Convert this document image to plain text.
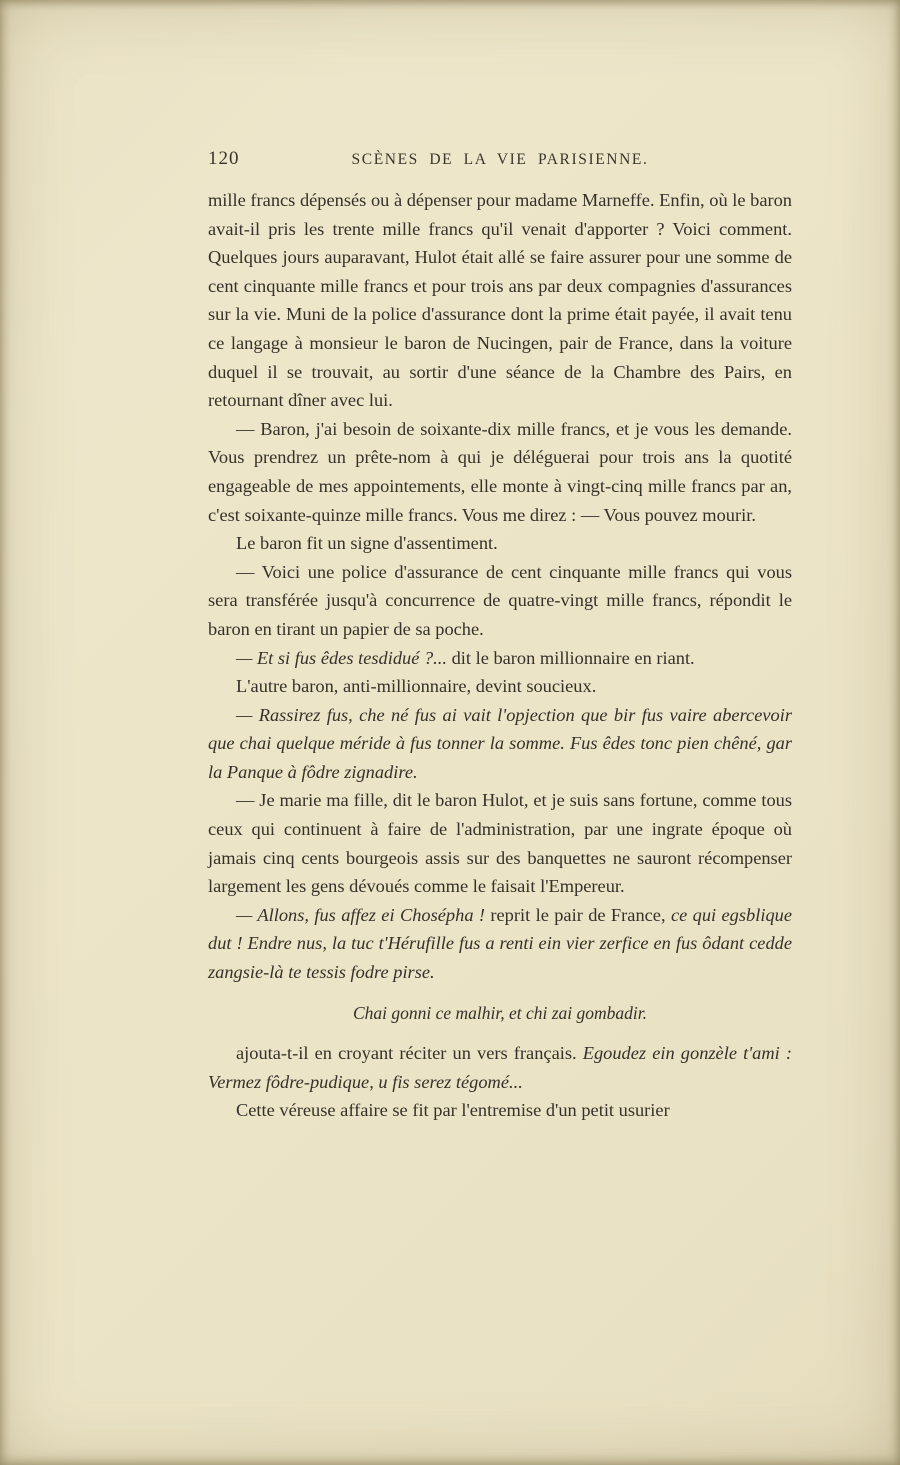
120	SCÈNES DE LA VIE PARISIENNE.

mille francs dépensés ou à dépenser pour madame Marneffe. Enfin, où le baron avait-il pris les trente mille francs qu'il venait d'apporter ? Voici comment. Quelques jours auparavant, Hulot était allé se faire assurer pour une somme de cent cinquante mille francs et pour trois ans par deux compagnies d'assurances sur la vie. Muni de la police d'assurance dont la prime était payée, il avait tenu ce langage à monsieur le baron de Nucingen, pair de France, dans la voiture duquel il se trouvait, au sortir d'une séance de la Chambre des Pairs, en retournant dîner avec lui.

— Baron, j'ai besoin de soixante-dix mille francs, et je vous les demande. Vous prendrez un prête-nom à qui je déléguerai pour trois ans la quotité engageable de mes appointements, elle monte à vingt-cinq mille francs par an, c'est soixante-quinze mille francs. Vous me direz : — Vous pouvez mourir.

Le baron fit un signe d'assentiment.

— Voici une police d'assurance de cent cinquante mille francs qui vous sera transférée jusqu'à concurrence de quatre-vingt mille francs, répondit le baron en tirant un papier de sa poche.

— Et si fus êdes tesdidué ?... dit le baron millionnaire en riant.

L'autre baron, anti-millionnaire, devint soucieux.

— Rassirez fus, che né fus ai vait l'opjection que bir fus vaire abercevoir que chai quelque méride à fus tonner la somme. Fus êdes tonc pien chêné, gar la Panque à fôdre zignadire.

— Je marie ma fille, dit le baron Hulot, et je suis sans fortune, comme tous ceux qui continuent à faire de l'administration, par une ingrate époque où jamais cinq cents bourgeois assis sur des banquettes ne sauront récompenser largement les gens dévoués comme le faisait l'Empereur.

— Allons, fus affez ei Chosépha ! reprit le pair de France, ce qui egsblique dut ! Endre nus, la tuc t'Hérufille fus a renti ein vier zerfice en fus ôdant cedde zangsie-là te tessis fodre pirse.

Chai gonni ce malhir, et chi zai gombadir.

ajouta-t-il en croyant réciter un vers français. Egoudez ein gonzèle t'ami : Vermez fôdre-pudique, u fis serez tégomé...

Cette véreuse affaire se fit par l'entremise d'un petit usurier
